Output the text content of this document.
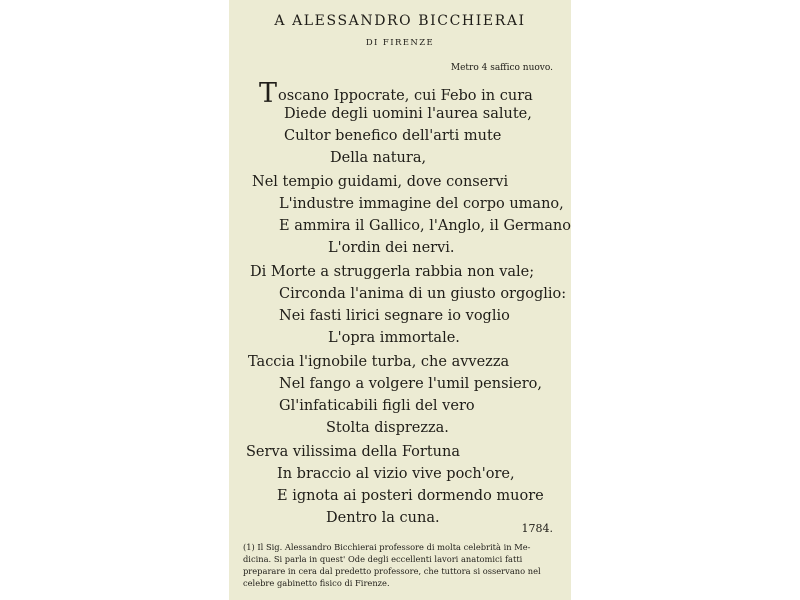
A ALESSANDRO BICCHIERAI
DI FIRENZE
Metro 4 saffico nuovo.
Toscano Ippocrate, cui Febo in cura
Diede degli uomini l'aurea salute,
Cultor benefico dell'arti mute
Della natura,
Nel tempio guidami, dove conservi
L'industre immagine del corpo umano,
E ammira il Gallico, l'Anglo, il Germano
L'ordin dei nervi.
Di Morte a struggerla rabbia non vale;
Circonda l'anima di un giusto orgoglio:
Nei fasti lirici segnare io voglio
L'opra immortale.
Taccia l'ignobile turba, che avvezza
Nel fango a volgere l'umil pensiero,
Gl'infaticabili figli del vero
Stolta disprezza.
Serva vilissima della Fortuna
In braccio al vizio vive poch'ore,
E ignota ai posteri dormendo muore
Dentro la cuna.
1784.
(1) Il Sig. Alessandro Bicchierai professore di molta celebrità in Me-
dicina. Si parla in quest' Ode degli eccellenti lavori anatomici fatti
preparare in cera dal predetto professore, che tuttora si osservano nel
celebre gabinetto fisico di Firenze.
